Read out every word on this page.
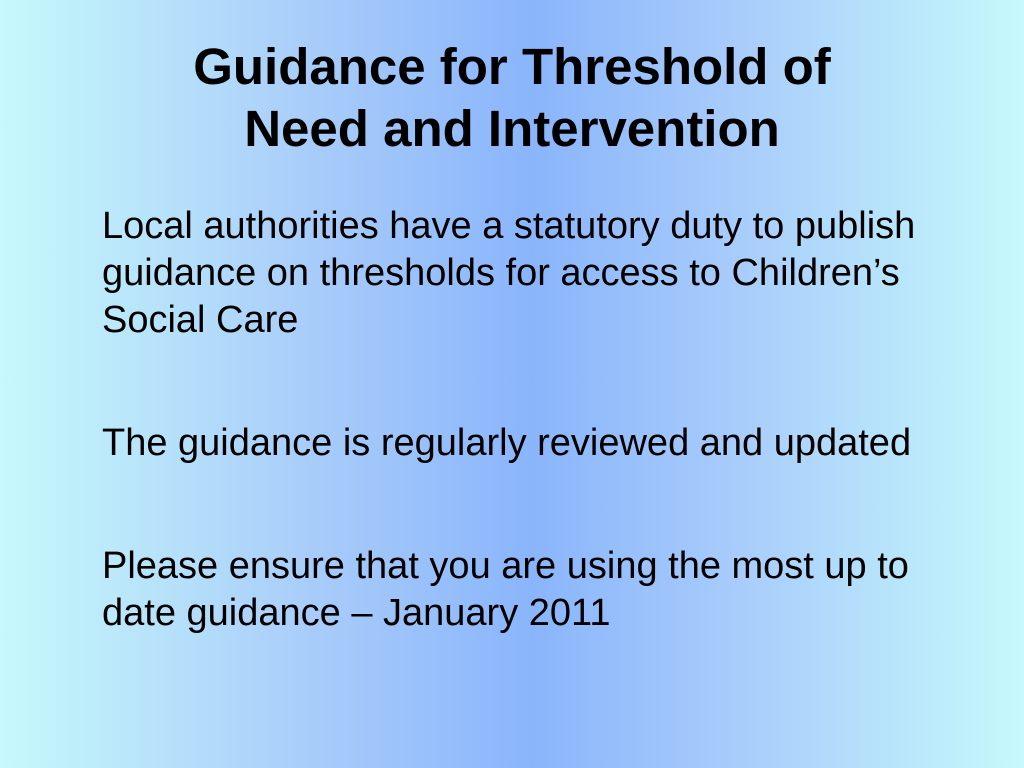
Guidance for Threshold of
Need and Intervention

Local authorities have a statutory duty to publish guidance on thresholds for access to Children’s Social Care

The guidance is regularly reviewed and updated

Please ensure that you are using the most up to date guidance – January 2011
